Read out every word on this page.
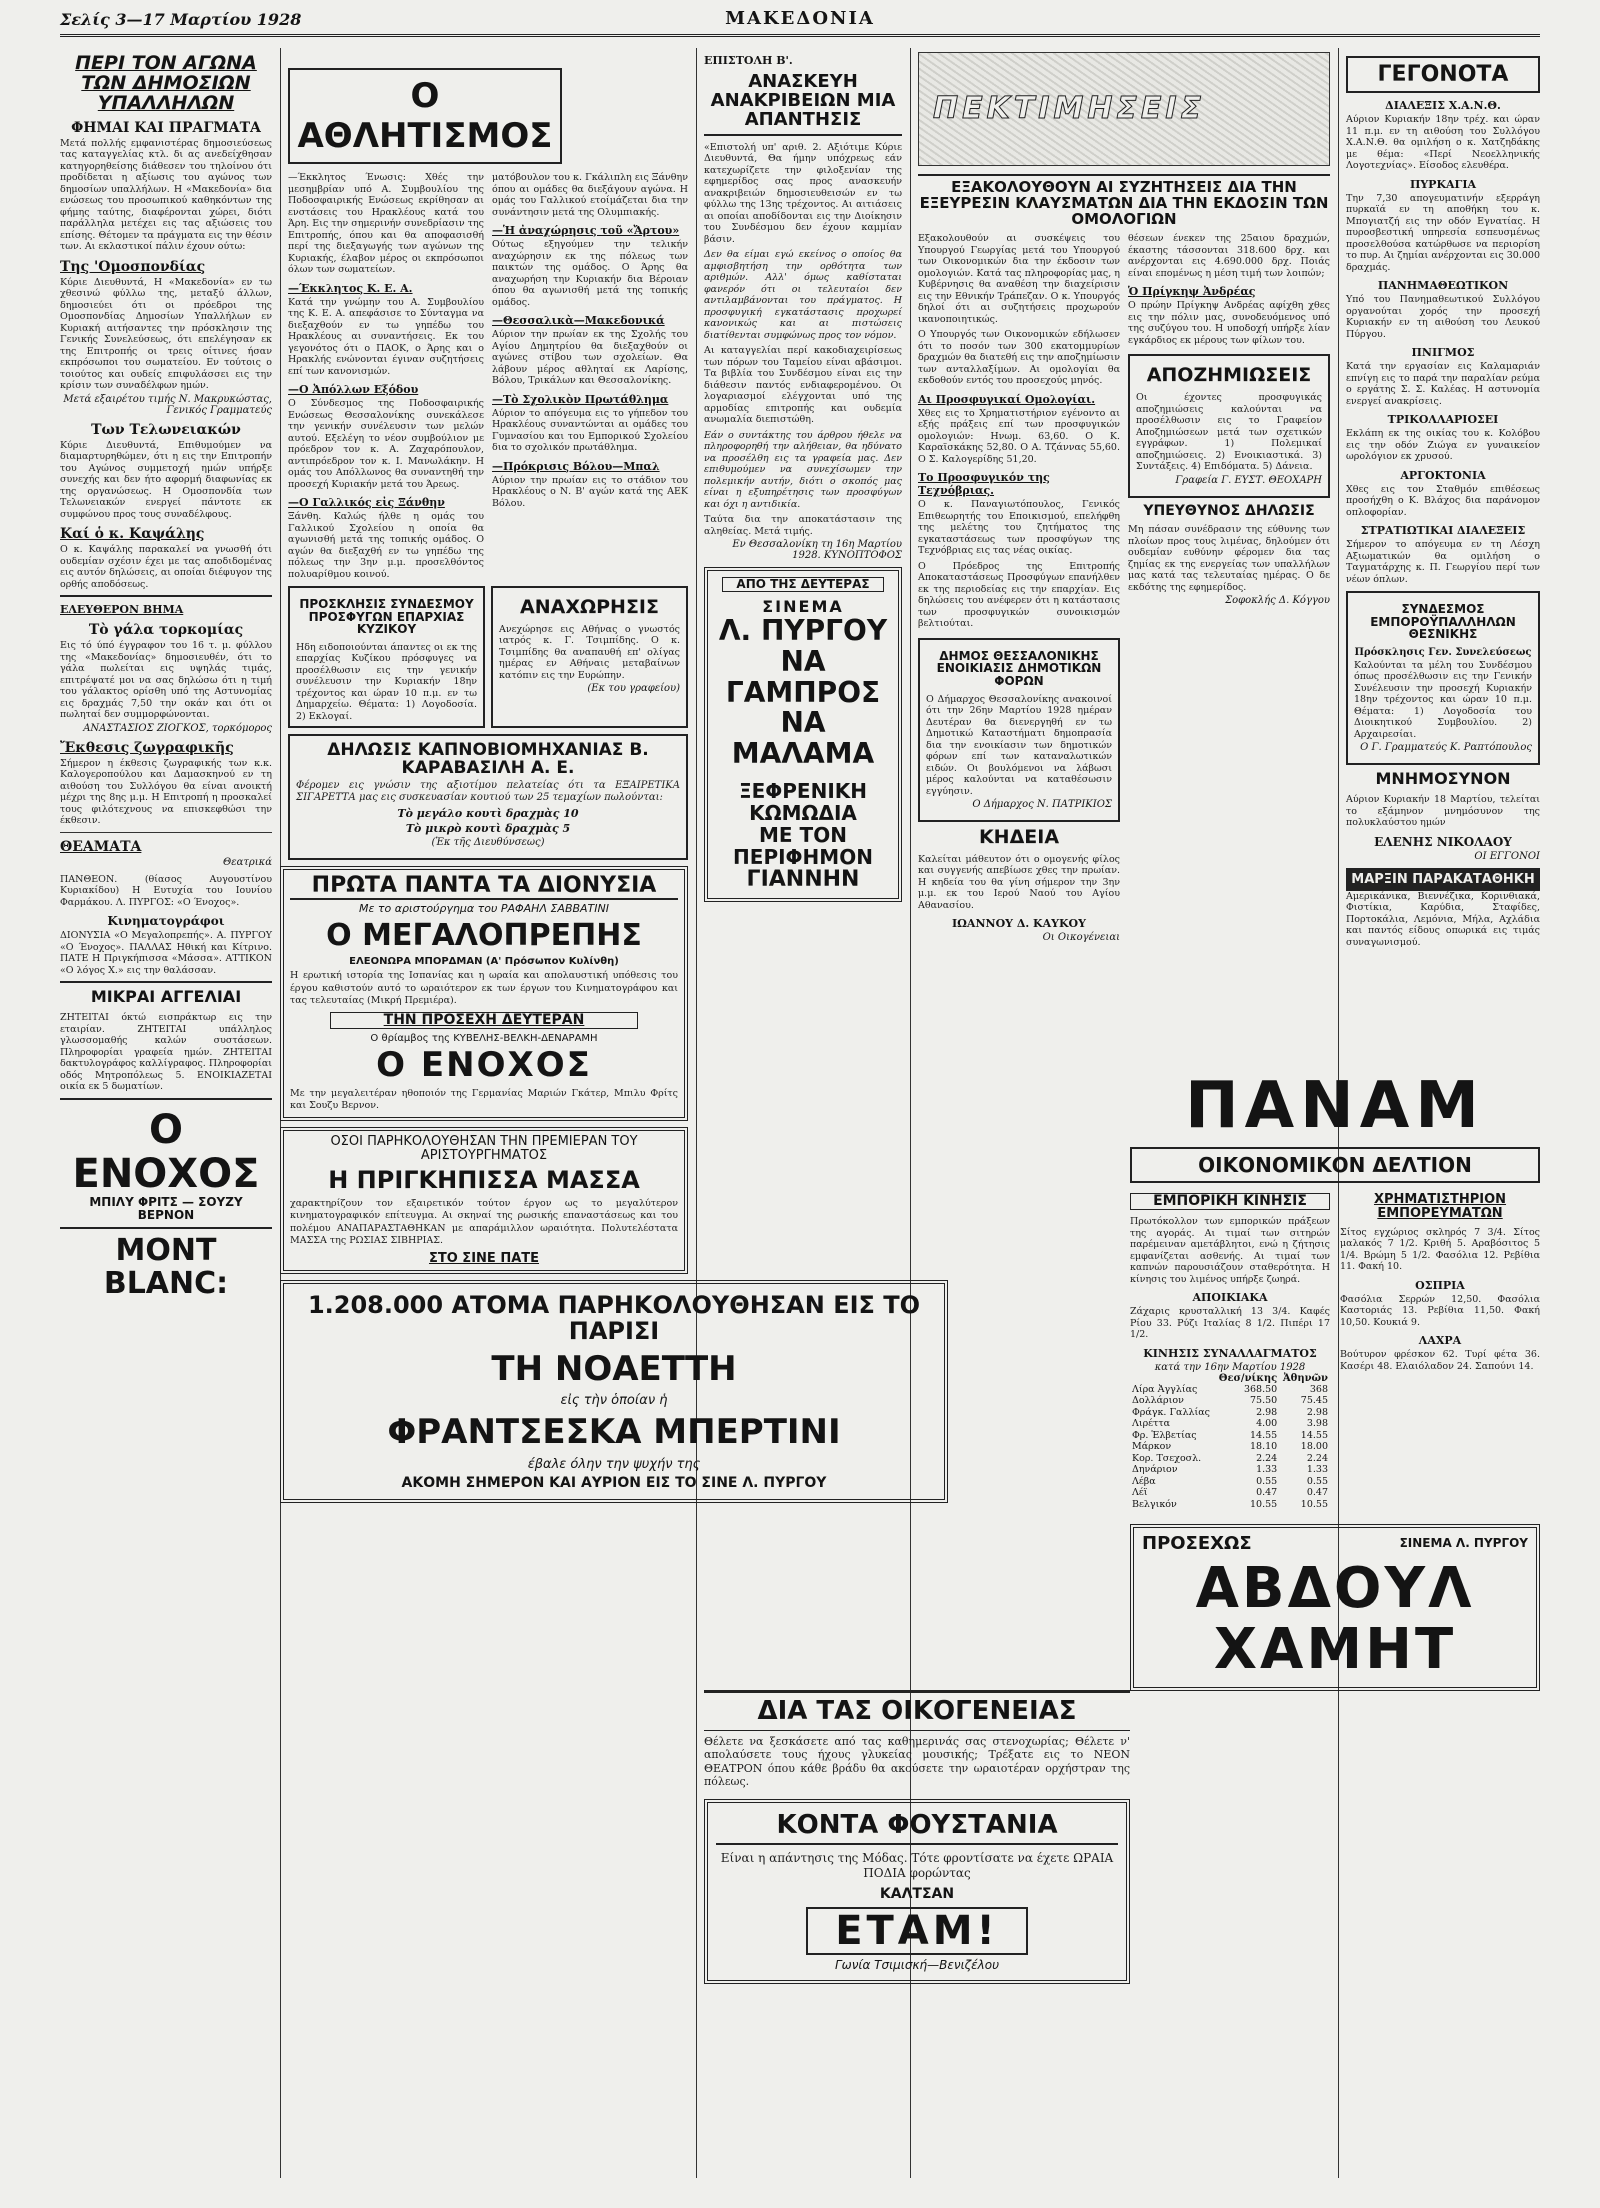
Σελίς 3—17 Μαρτίου 1928	ΜΑΚΕΔΟΝΙΑ
ΠΕΡΙ ΤΟΝ ΑΓΩΝΑ ΤΩΝ ΔΗΜΟΣΙΩΝ ΥΠΑΛΛΗΛΩΝ
ΦΗΜΑΙ ΚΑΙ ΠΡΑΓΜΑΤΑ

Μετά πολλής εμφανιστέρας δημοσιεύσεως τας καταγγελίας κτλ. δι ας ανεδείχθησαν κατηγορηθείσης διάθεσεν του τηλοίνου ότι προδίδεται η αξίωσις του αγώνος των δημοσίων υπαλλήλων. Η «Μακεδονία» δια ενώσεως του προσωπικού καθηκόντων της φήμης ταύτης, διαφέρονται χώρει, διότι παράλληλα μετέχει εις τας αξιώσεις του επίσης. Θέτομεν τα πράγματα εις την θέσιν των. Αι εκλαστικοί πάλιν έχουν ούτω:

Της 'Ομοσπονδίας

Κύριε Διευθυντά, Η «Μακεδονία» εν τω χθεσινώ φύλλω της, μεταξύ άλλων, δημοσιεύει ότι οι πρόεδροι της Ομοσπονδίας Δημοσίων Υπαλλήλων εν Κυριακή αιτήσαντες την πρόσκλησιν της Γενικής Συνελεύσεως, ότι επελέγησαν εκ της Επιτροπής οι τρεις οίτινες ήσαν εκπρόσωποι του σωματείου. Εν τούτοις ο τοιούτος και ουδείς επιφυλάσσει εις την κρίσιν των συναδέλφων ημών.

Μετά εξαιρέτου τιμής Ν. Μακρυκώστας, Γενικός Γραμματεύς
Των Τελωνειακών

Κύριε Διευθυντά, Επιθυμούμεν να διαμαρτυρηθώμεν, ότι η εις την Επιτροπήν του Αγώνος συμμετοχή ημών υπήρξε συνεχής και δεν ήτο αφορμή διαφωνίας εκ της οργανώσεως. Η Ομοσπονδία των Τελωνειακών ενεργεί πάντοτε εκ συμφώνου προς τους συναδέλφους.

Καί ὁ κ. Καψάλης

Ο κ. Καψάλης παρακαλεί να γνωσθή ότι ουδεμίαν σχέσιν έχει με τας αποδιδομένας εις αυτόν δηλώσεις, αι οποίαι διέφυγον της ορθής αποδόσεως.

ΕΛΕΥΘΕΡΟΝ ΒΗΜΑ
Τὸ γάλα τορκομίας

Εις τό ύπό έγγραφον του 16 τ. μ. φύλλου της «Μακεδονίας» δημοσιευθέν, ότι το γάλα πωλείται εις υψηλάς τιμάς, επιτρέψατέ μοι να σας δηλώσω ότι η τιμή του γάλακτος ορίσθη υπό της Αστυνομίας εις δραχμάς 7,50 την οκάν και ότι οι πωληταί δεν συμμορφώνονται.

ΑΝΑΣΤΑΣΙΟΣ ΖΙΟΓΚΟΣ, τορκόμορος
Ἔκθεσις ζωγραφικῆς

Σήμερον η έκθεσις ζωγραφικής των κ.κ. Καλογεροπούλου και Δαμασκηνού εν τη αιθούση του Συλλόγου θα είναι ανοικτή μέχρι της 8ης μ.μ. Η Επιτροπή η προσκαλεί τους φιλότεχνους να επισκεφθώσι την έκθεσιν.

ΘΕΑΜΑΤΑ
Θεατρικά

ΠΑΝΘΕΟΝ. (θίασος Αυγουστίνου Κυριακίδου) Η Ευτυχία του Ιουνίου Φαρμάκου. Λ. ΠΥΡΓΟΣ: «Ο Ένοχος».

Κινηματογράφοι

ΔΙΟΝΥΣΙΑ «Ο Μεγαλοπρεπής». Α. ΠΥΡΓΟΥ «Ο Ένοχος». ΠΑΛΛΑΣ Ηθική και Κίτρινο. ΠΑΤΕ Η Πριγκήπισσα «Μάσσα». ΑΤΤΙΚΟΝ «Ο λόγος Χ.» εις την θαλάσσαν.

ΜΙΚΡΑΙ ΑΓΓΕΛΙΑΙ

ΖΗΤΕΙΤΑΙ όκτώ εισπράκτωρ εις την εταιρίαν. ΖΗΤΕΙΤΑΙ υπάλληλος γλωσσομαθής καλών συστάσεων. Πληροφορίαι γραφεία ημών. ΖΗΤΕΙΤΑΙ δακτυλογράφος καλλίγραφος. Πληροφορίαι οδός Μητροπόλεως 5. ΕΝΟΙΚΙΑΖΕΤΑΙ οικία εκ 5 δωματίων.

Ο ΕΝΟΧΟΣ
ΜΠΙΛΥ ΦΡΙΤΣ — ΣΟΥΖΥ ΒΕΡΝΟΝ
MONT BLANC:
Ο ΑΘΛΗΤΙΣΜΟΣ

—Έκκλητος Ένωσις: Χθές την μεσημβρίαν υπό Α. Συμβουλίου της Ποδοσφαιρικής Ενώσεως εκρίθησαν αι ενστάσεις του Ηρακλέους κατά του Άρη. Εις την σημερινήν συνεδρίασιν της Επιτροπής, όπου και θα αποφασισθή περί της διεξαγωγής των αγώνων της Κυριακής, έλαβον μέρος οι εκπρόσωποι όλων των σωματείων.

—Έκκλητος Κ. Ε. Α.

Κατά την γνώμην του Α. Συμβουλίου της Κ. Ε. Α. απεφάσισε το Σύνταγμα να διεξαχθούν εν τω γηπέδω του Ηρακλέους αι συναντήσεις. Εκ του γεγονότος ότι ο ΠΑΟΚ, ο Άρης και ο Ηρακλής ενώνονται έγιναν συζητήσεις επί των κανονισμών.

—Ο Ἀπόλλων Εξόδου

Ο Σύνδεσμος της Ποδοσφαιρικής Ενώσεως Θεσσαλονίκης συνεκάλεσε την γενικήν συνέλευσιν των μελών αυτού. Εξελέγη το νέον συμβούλιον με πρόεδρον τον κ. Α. Ζαχαρόπουλον, αντιπρόεδρον τον κ. Ι. Μανωλάκην. Η ομάς του Απόλλωνος θα συναντηθή την προσεχή Κυριακήν μετά του Άρεως.

—Ο Γαλλικός εἰς Ξάνθην

Ξάνθη. Καλώς ήλθε η ομάς του Γαλλικού Σχολείου η οποία θα αγωνισθή μετά της τοπικής ομάδος. Ο αγών θα διεξαχθή εν τω γηπέδω της πόλεως την 3ην μ.μ. προσελθόντος πολυαρίθμου κοινού.

ματόβουλον του κ. Γκάλιπλη εις Ξάνθην όπου αι ομάδες θα διεξάγουν αγώνα. Η ομάς του Γαλλικού ετοίμάζεται δια την συνάντησιν μετά της Ολυμπιακής.

—Ἡ ἀναχώρησις τοῦ «Ἄρτου»

Ούτως εξηγούμεν την τελικήν αναχώρησιν εκ της πόλεως των παικτών της ομάδος. Ο Άρης θα αναχωρήση την Κυριακήν δια Βέροιαν όπου θα αγωνισθή μετά της τοπικής ομάδος.

—Θεσσαλικὰ—Μακεδονικά

Αύριον την πρωίαν εκ της Σχολής του Αγίου Δημητρίου θα διεξαχθούν οι αγώνες στίβου των σχολείων. Θα λάβουν μέρος αθληταί εκ Λαρίσης, Βόλου, Τρικάλων και Θεσσαλονίκης.

—Τὸ Σχολικὸν Πρωτάθλημα

Αύριον το απόγευμα εις το γήπεδον του Ηρακλέους συναντώνται αι ομάδες του Γυμνασίου και του Εμπορικού Σχολείου δια το σχολικόν πρωτάθλημα.

—Πρόκρισις Βόλου—Μπαλ

Αύριον την πρωίαν εις το στάδιον του Ηρακλέους ο Ν. Β' αγών κατά της ΑΕΚ Βόλου.

ΠΡΟΣΚΛΗΣΙΣ ΣΥΝΔΕΣΜΟΥ ΠΡΟΣΦΥΓΩΝ ΕΠΑΡΧΙΑΣ ΚΥΖΙΚΟΥ

Ηδη ειδοποιούνται άπαντες οι εκ της επαρχίας Κυζίκου πρόσφυγες να προσέλθωσιν εις την γενικήν συνέλευσιν την Κυριακήν 18ην τρέχοντος και ώραν 10 π.μ. εν τω Δημαρχείω. Θέματα: 1) Λογοδοσία. 2) Εκλογαί.

ΑΝΑΧΩΡΗΣΙΣ

Ανεχώρησε εις Αθήνας ο γνωστός ιατρός κ. Γ. Τσιμπίδης. Ο κ. Τσιμπίδης θα αναπαυθή επ' ολίγας ημέρας εν Αθήναις μεταβαίνων κατόπιν εις την Ευρώπην.

(Εκ του γραφείου)
ΔΗΛΩΣΙΣ ΚΑΠΝΟΒΙΟΜΗΧΑΝΙΑΣ Β. ΚΑΡΑΒΑΣΙΛΗ Α. Ε.

Φέρομεν εις γνώσιν της αξιοτίμου πελατείας ότι τα ΕΞΑΙΡΕΤΙΚΑ ΣΙΓΑΡΕΤΤΑ μας εις συσκευασίαν κουτιού των 25 τεμαχίων πωλούνται:

Τὸ μεγάλο κουτὶ δραχμὰς 10
Τὸ μικρὸ κουτὶ δραχμὰς 5
(Ἐκ τῆς Διευθύνσεως)
ΠΡΩΤΑ ΠΑΝΤΑ ΤΑ ΔΙΟΝΥΣΙΑ
Με το αριστούργημα του ΡΑΦΑΗΛ ΣΑΒΒΑΤΙΝΙ
Ο ΜΕΓΑΛΟΠΡΕΠΗΣ
ΕΛΕΟΝΩΡΑ ΜΠΟΡΔΜΑΝ (Α' Πρόσωπον Κυλίνθη)

Η ερωτική ιστορία της Ισπανίας και η ωραία και απολαυστική υπόθεσις του έργου καθιστούν αυτό το ωραιότερον εκ των έργων του Κινηματογράφου και τας τελευταίας (Μικρή Πρεμιέρα).

ΤΗΝ ΠΡΟΣΕΧΗ ΔΕΥΤΕΡΑΝ
Ο θρίαμβος της ΚΥΒΕΛΗΣ-ΒΕΛΚΗ-ΔΕΝΑΡΑΜΗ
Ο ΕΝΟΧΟΣ

Με την μεγαλειτέραν ηθοποιόν της Γερμανίας Μαριών Γκάτερ, Μπιλυ Φρίτς και Σουζυ Βερνον.

ΟΣΟΙ ΠΑΡΗΚΟΛΟΥΘΗΣΑΝ ΤΗΝ ΠΡΕΜΙΕΡΑΝ ΤΟΥ ΑΡΙΣΤΟΥΡΓΗΜΑΤΟΣ
Η ΠΡΙΓΚΗΠΙΣΣΑ ΜΑΣΣΑ

χαρακτηρίζουν τον εξαιρετικόν τούτον έργον ως το μεγαλύτερον κινηματογραφικόν επίτευγμα. Αι σκηναί της ρωσικής επαναστάσεως και του πολέμου ΑΝΑΠΑΡΑΣΤΑΘΗΚΑΝ με απαράμιλλον ωραιότητα. Πολυτελέστατα ΜΑΣΣΑ της ΡΩΣΙΑΣ ΣΙΒΗΡΙΑΣ.

ΣΤΟ ΣΙΝΕ ΠΑΤΕ
1.208.000 ΑΤΟΜΑ ΠΑΡΗΚΟΛΟΥΘΗΣΑΝ ΕΙΣ ΤΟ ΠΑΡΙΣΙ
ΤΗ ΝΟΑΕΤΤΗ
εἰς τὴν ὁποίαν ἡ
ΦΡΑΝΤΣΕΣΚΑ ΜΠΕΡΤΙΝΙ
έβαλε όλην την ψυχήν της
ΑΚΟΜΗ ΣΗΜΕΡΟΝ ΚΑΙ ΑΥΡΙΟΝ ΕΙΣ ΤΟ ΣΙΝΕ Λ. ΠΥΡΓΟΥ
ΕΠΙΣΤΟΛΗ Β'.
ΑΝΑΣΚΕΥΗ ΑΝΑΚΡΙΒΕΙΩΝ ΜΙΑ ΑΠΑΝΤΗΣΙΣ

«Επιστολή υπ' αριθ. 2. Αξιότιμε Κύριε Διευθυντά, Θα ήμην υπόχρεως εάν κατεχωρίζετε την φιλοξενίαν της εφημερίδος σας προς ανασκευήν ανακριβειών δημοσιευθεισών εν τω φύλλω της 13ης τρέχοντος. Αι αιτιάσεις αι οποίαι αποδίδονται εις την Διοίκησιν του Συνδέσμου δεν έχουν καμμίαν βάσιν.

Δεν θα είμαι εγώ εκείνος ο οποίος θα αμφισβητήση την ορθότητα των αριθμών. Αλλ' όμως καθίσταται φανερόν ότι οι τελευταίοι δεν αντιλαμβάνονται του πράγματος. Η προσφυγική εγκατάστασις προχωρεί κανονικώς και αι πιστώσεις διατίθενται συμφώνως προς τον νόμον.

Αι καταγγελίαι περί κακοδιαχειρίσεως των πόρων του Ταμείου είναι αβάσιμοι. Τα βιβλία του Συνδέσμου είναι εις την διάθεσιν παντός ενδιαφερομένου. Οι λογαριασμοί ελέγχονται υπό της αρμοδίας επιτροπής και ουδεμία ανωμαλία διεπιστώθη.

Εάν ο συντάκτης του άρθρου ήθελε να πληροφορηθή την αλήθειαν, θα ηδύνατο να προσέλθη εις τα γραφεία μας. Δεν επιθυμούμεν να συνεχίσωμεν την πολεμικήν αυτήν, διότι ο σκοπός μας είναι η εξυπηρέτησις των προσφύγων και όχι η αντιδικία.

Ταύτα δια την αποκατάστασιν της αληθείας. Μετά τιμής.

Εν Θεσσαλονίκη τη 16η Μαρτίου 1928. ΚΥΝΟΠΤΟΦΟΣ
ΑΠΟ ΤΗΣ ΔΕΥΤΕΡΑΣ
ΣΙΝΕΜΑ
Λ. ΠΥΡΓΟΥ
ΝΑ
ΓΑΜΠΡΟΣ
ΝΑ
ΜΑΛΑΜΑ
ΞΕΦΡΕΝΙΚΗ
ΚΩΜΩΔΙΑ
ΜΕ ΤΟΝ
ΠΕΡΙΦΗΜΟΝ
ΓΙΑΝΝΗΝ
ΔΙΑ ΤΑΣ ΟΙΚΟΓΕΝΕΙΑΣ

Θέλετε να ξεσκάσετε από τας καθημερινάς σας στενοχωρίας; Θέλετε ν' απολαύσετε τους ήχους γλυκείας μουσικής; Τρέξατε εις το ΝΕΟΝ ΘΕΑΤΡΟΝ όπου κάθε βράδυ θα ακούσετε την ωραιοτέραν ορχήστραν της πόλεως.

ΚΟΝΤΑ ΦΟΥΣΤΑΝΙΑ

Είναι η απάντησις της Μόδας. Τότε φροντίσατε να έχετε ΩΡΑΙΑ ΠΟΔΙΑ φορώντας

ΚΑΛΤΣΑΝ
ΕΤΑΜ!
Γωνία Τσιμισκή—Βενιζέλου
ΠΕΚΤΙΜΗΣΕΙΣ
ΕΞΑΚΟΛΟΥΘΟΥΝ ΑΙ ΣΥΖΗΤΗΣΕΙΣ ΔΙΑ ΤΗΝ ΕΞΕΥΡΕΣΙΝ ΚΛΑΥΣΜΑΤΩΝ ΔΙΑ ΤΗΝ ΕΚΔΟΣΙΝ ΤΩΝ ΟΜΟΛΟΓΙΩΝ

Εξακολουθούν αι συσκέψεις του Υπουργού Γεωργίας μετά του Υπουργού των Οικονομικών δια την έκδοσιν των ομολογιών. Κατά τας πληροφορίας μας, η Κυβέρνησις θα αναθέση την διαχείρισιν εις την Εθνικήν Τράπεζαν. Ο κ. Υπουργός δηλοί ότι αι συζητήσεις προχωρούν ικανοποιητικώς.

Ο Υπουργός των Οικονομικών εδήλωσεν ότι το ποσόν των 300 εκατομμυρίων δραχμών θα διατεθή εις την αποζημίωσιν των ανταλλαξίμων. Αι ομολογίαι θα εκδοθούν εντός του προσεχούς μηνός.

Αι Προσφυγικαί Ομολογίαι.

Χθες εις το Χρηματιστήριον εγένοντο αι εξής πράξεις επί των προσφυγικών ομολογιών: Ηνωμ. 63,60. Ο Κ. Καραϊσκάκης 52,80. Ο Α. Τζάννας 55,60. Ο Σ. Καλογερίδης 51,20.

Το Προσφυγικόν της Τεχνόβριας.

Ο κ. Παναγιωτόπουλος, Γενικός Επιθεωρητής του Εποικισμού, επελήφθη της μελέτης του ζητήματος της εγκαταστάσεως των προσφύγων της Τεχνόβριας εις τας νέας οικίας.

Ο Πρόεδρος της Επιτροπής Αποκαταστάσεως Προσφύγων επανήλθεν εκ της περιοδείας εις την επαρχίαν. Εις δηλώσεις του ανέφερεν ότι η κατάστασις των προσφυγικών συνοικισμών βελτιούται.

ΔΗΜΟΣ ΘΕΣΣΑΛΟΝΙΚΗΣ ΕΝΟΙΚΙΑΣΙΣ ΔΗΜΟΤΙΚΩΝ ΦΟΡΩΝ

Ο Δήμαρχος Θεσσαλονίκης ανακοινοί ότι την 26ην Μαρτίου 1928 ημέραν Δευτέραν θα διενεργηθή εν τω Δημοτικώ Καταστήματι δημοπρασία δια την ενοικίασιν των δημοτικών φόρων επί των καταναλωτικών ειδών. Οι βουλόμενοι να λάβωσι μέρος καλούνται να καταθέσωσιν εγγύησιν.

Ο Δήμαρχος Ν. ΠΑΤΡΙΚΙΟΣ
ΚΗΔΕΙΑ

Καλείται μάθευτον ότι ο ομογενής φίλος και συγγενής απεβίωσε χθες την πρωίαν. Η κηδεία του θα γίνη σήμερον την 3ην μ.μ. εκ του Ιερού Ναού του Αγίου Αθανασίου.

ΙΩΑΝΝΟΥ Δ. ΚΑΥΚΟΥ
Οι Οικογένειαι

θέσεων ένεκεν της 25αιου δραχμών, έκαστης τάσσονται 318.600 δρχ. και ανέρχονται εις 4.690.000 δρχ. Ποιάς είναι επομένως η μέση τιμή των λοιπών;

Ὁ Πρίγκηψ Ἀνδρέας

Ο πρώην Πρίγκηψ Ανδρέας αφίχθη χθες εις την πόλιν μας, συνοδευόμενος υπό της συζύγου του. Η υποδοχή υπήρξε λίαν εγκάρδιος εκ μέρους των φίλων του.

ΑΠΟΖΗΜΙΩΣΕΙΣ

Οι έχοντες προσφυγικάς αποζημιώσεις καλούνται να προσέλθωσιν εις το Γραφείον Αποζημιώσεων μετά των σχετικών εγγράφων. 1) Πολεμικαί αποζημιώσεις. 2) Ενοικιαστικά. 3) Συντάξεις. 4) Επιδόματα. 5) Δάνεια.

Γραφεία Γ. ΕΥΣΤ. ΘΕΟΧΑΡΗ
ΥΠΕΥΘΥΝΟΣ ΔΗΛΩΣΙΣ

Μη πάσαν συνέδρασιν της εύθυνης των πλοίων προς τους λιμένας, δηλούμεν ότι ουδεμίαν ευθύνην φέρομεν δια τας ζημίας εκ της ενεργείας των υπαλλήλων μας κατά τας τελευταίας ημέρας. Ο δε εκδότης της εφημερίδος.

Σοφοκλής Δ. Κόγγου
ΓΕΓΟΝΟΤΑ
ΔΙΑΛΕΞΙΣ Χ.Α.Ν.Θ.

Αύριον Κυριακήν 18ην τρέχ. και ώραν 11 π.μ. εν τη αιθούση του Συλλόγου Χ.Α.Ν.Θ. θα ομιλήση ο κ. Χατζηδάκης με θέμα: «Περί Νεοελληνικής Λογοτεχνίας». Είσοδος ελευθέρα.

ΠΥΡΚΑΓΙΑ

Την 7,30 απογευματινήν εξερράγη πυρκαϊά εν τη αποθήκη του κ. Μπογιατζή εις την οδόν Εγνατίας. Η πυροσβεστική υπηρεσία εσπευσμένως προσελθούσα κατώρθωσε να περιορίση το πυρ. Αι ζημίαι ανέρχονται εις 30.000 δραχμάς.

ΠΑΝΗΜΑΘΕΩΤΙΚΟΝ

Υπό του Πανημαθεωτικού Συλλόγου οργανούται χορός την προσεχή Κυριακήν εν τη αιθούση του Λευκού Πύργου.

ΠΝΙΓΜΟΣ

Κατά την εργασίαν εις Καλαμαριάν επνίγη εις το παρά την παραλίαν ρεύμα ο εργάτης Σ. Σ. Καλέας. Η αστυνομία ενεργεί ανακρίσεις.

ΤΡΙΚΟΛΛΑΡΙΟΣΕΙ

Εκλάπη εκ της οικίας του κ. Κολόβου εις την οδόν Ζιώγα εν γυναικείον ωρολόγιον εκ χρυσού.

ΑΡΓΟΚΤΟΝΙΑ

Χθες εις τον Σταθμόν επιθέσεως προσήχθη ο Κ. Βλάχος δια παράνομον οπλοφορίαν.

ΣΤΡΑΤΙΩΤΙΚΑΙ ΔΙΑΛΕΞΕΙΣ

Σήμερον το απόγευμα εν τη Λέσχη Αξιωματικών θα ομιλήση ο Ταγματάρχης κ. Π. Γεωργίου περί των νέων όπλων.

ΣΥΝΔΕΣΜΟΣ ΕΜΠΟΡΟΫΠΑΛΛΗΛΩΝ ΘΕΣΝΙΚΗΣ
Πρόσκλησις Γεν. Συνελεύσεως

Καλούνται τα μέλη του Συνδέσμου όπως προσέλθωσιν εις την Γενικήν Συνέλευσιν την προσεχή Κυριακήν 18ην τρέχοντος και ώραν 10 π.μ. Θέματα: 1) Λογοδοσία του Διοικητικού Συμβουλίου. 2) Αρχαιρεσίαι.

Ο Γ. Γραμματεύς Κ. Ραπτόπουλος
ΜΝΗΜΟΣΥΝΟΝ

Αύριον Κυριακήν 18 Μαρτίου, τελείται το εξάμηνον μνημόσυνον της πολυκλαύστου ημών

ΕΛΕΝΗΣ ΝΙΚΟΛΑΟΥ
ΟΙ ΕΓΓΟΝΟΙ
ΜΑΡΞΙΝ ΠΑΡΑΚΑΤΑΘΗΚΗ

Αμερικάνικα, Βιεννέζικα, Κορινθιακά, Φιστίκια, Καρύδια, Σταφίδες, Πορτοκάλια, Λεμόνια, Μήλα, Αχλάδια και παντός είδους οπωρικά εις τιμάς συναγωνισμού.

ΠΑΝΑΜ
ΟΙΚΟΝΟΜΙΚΟΝ ΔΕΛΤΙΟΝ
ΕΜΠΟΡΙΚΗ ΚΙΝΗΣΙΣ

Πρωτόκολλον των εμπορικών πράξεων της αγοράς. Αι τιμαί των σιτηρών παρέμειναν αμετάβλητοι, ενώ η ζήτησις εμφανίζεται ασθενής. Αι τιμαί των καπνών παρουσιάζουν σταθερότητα. Η κίνησις του λιμένος υπήρξε ζωηρά.

ΑΠΟΙΚΙΑΚΑ

Ζάχαρις κρυσταλλική 13 3/4. Καφές Ρίου 33. Ρύζι Ιταλίας 8 1/2. Πιπέρι 17 1/2.

ΚΙΝΗΣΙΣ ΣΥΝΑΛΛΑΓΜΑΤΟΣ
κατά την 16ην Μαρτίου 1928
	Θεσ/νίκης	Ἀθηνῶν
Λίρα Ἀγγλίας	368.50	368
Δολλάριον	75.50	75.45
Φράγκ. Γαλλίας	2.98	2.98
Λιρέττα	4.00	3.98
Φρ. Ἑλβετίας	14.55	14.55
Μάρκον	18.10	18.00
Κορ. Τσεχοσλ.	2.24	2.24
Δηνάριον	1.33	1.33
Λέβα	0.55	0.55
Λέϊ	0.47	0.47
Βελγικόν	10.55	10.55
ΧΡΗΜΑΤΙΣΤΗΡΙΟΝ ΕΜΠΟΡΕΥΜΑΤΩΝ

Σίτος εγχώριος σκληρός 7 3/4. Σίτος μαλακός 7 1/2. Κριθή 5. Αραβόσιτος 5 1/4. Βρώμη 5 1/2. Φασόλια 12. Ρεβίθια 11. Φακή 10.

ΟΣΠΡΙΑ

Φασόλια Σερρών 12,50. Φασόλια Καστοριάς 13. Ρεβίθια 11,50. Φακή 10,50. Κουκιά 9.

ΛΑΧΡΑ

Βούτυρον φρέσκον 62. Τυρί φέτα 36. Κασέρι 48. Ελαιόλαδον 24. Σαπούνι 14.

ΠΡΟΣΕΧΩΣ	ΣΙΝΕΜΑ Λ. ΠΥΡΓΟΥ
ΑΒΔΟΥΛ ΧΑΜΗΤ
